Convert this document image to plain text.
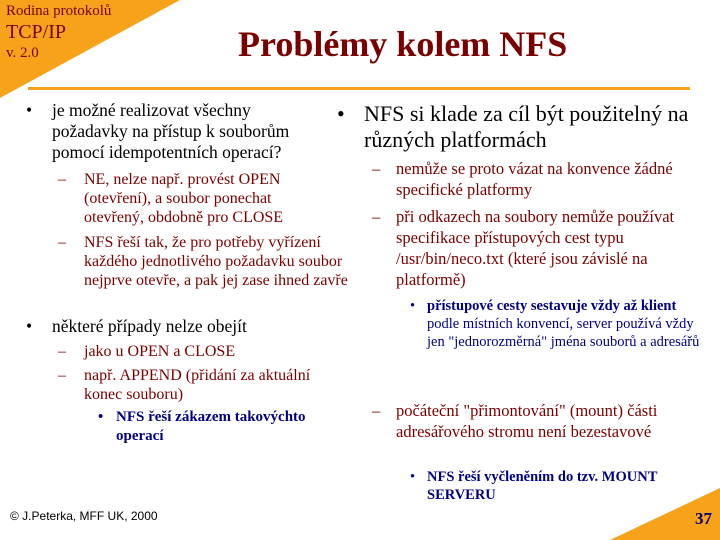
Rodina protokolů
TCP/IP
v. 2.0	Problémy kolem NFS
• je možné realizovat všechny požadavky na přístup k souborům pomocí idempotentních operací?

– NE, nelze např. provést OPEN (otevření), a soubor ponechat otevřený, obdobně pro CLOSE

– NFS řeší tak, že pro potřeby vyřízení každého jednotlivého požadavku soubor nejprve otevře, a pak jej zase ihned zavře

• některé případy nelze obejít

– jako u OPEN a CLOSE

– např. APPEND (přidání za aktuální konec souboru)

• NFS řeší zákazem takovýchto operací

• NFS si klade za cíl být použitelný na různých platformách

– nemůže se proto vázat na konvence žádné specifické platformy

– při odkazech na soubory nemůže používat specifikace přístupových cest typu /usr/bin/neco.txt (které jsou závislé na platformě)

• přístupové cesty sestavuje vždy až klient podle místních konvencí, server používá vždy jen "jednorozměrná" jména souborů a adresářů

– počáteční "přimontování" (mount) části adresářového stromu není bezestavové

• NFS řeší vyčleněním do tzv. MOUNT SERVERU

© J.Peterka, MFF UK, 2000	37
